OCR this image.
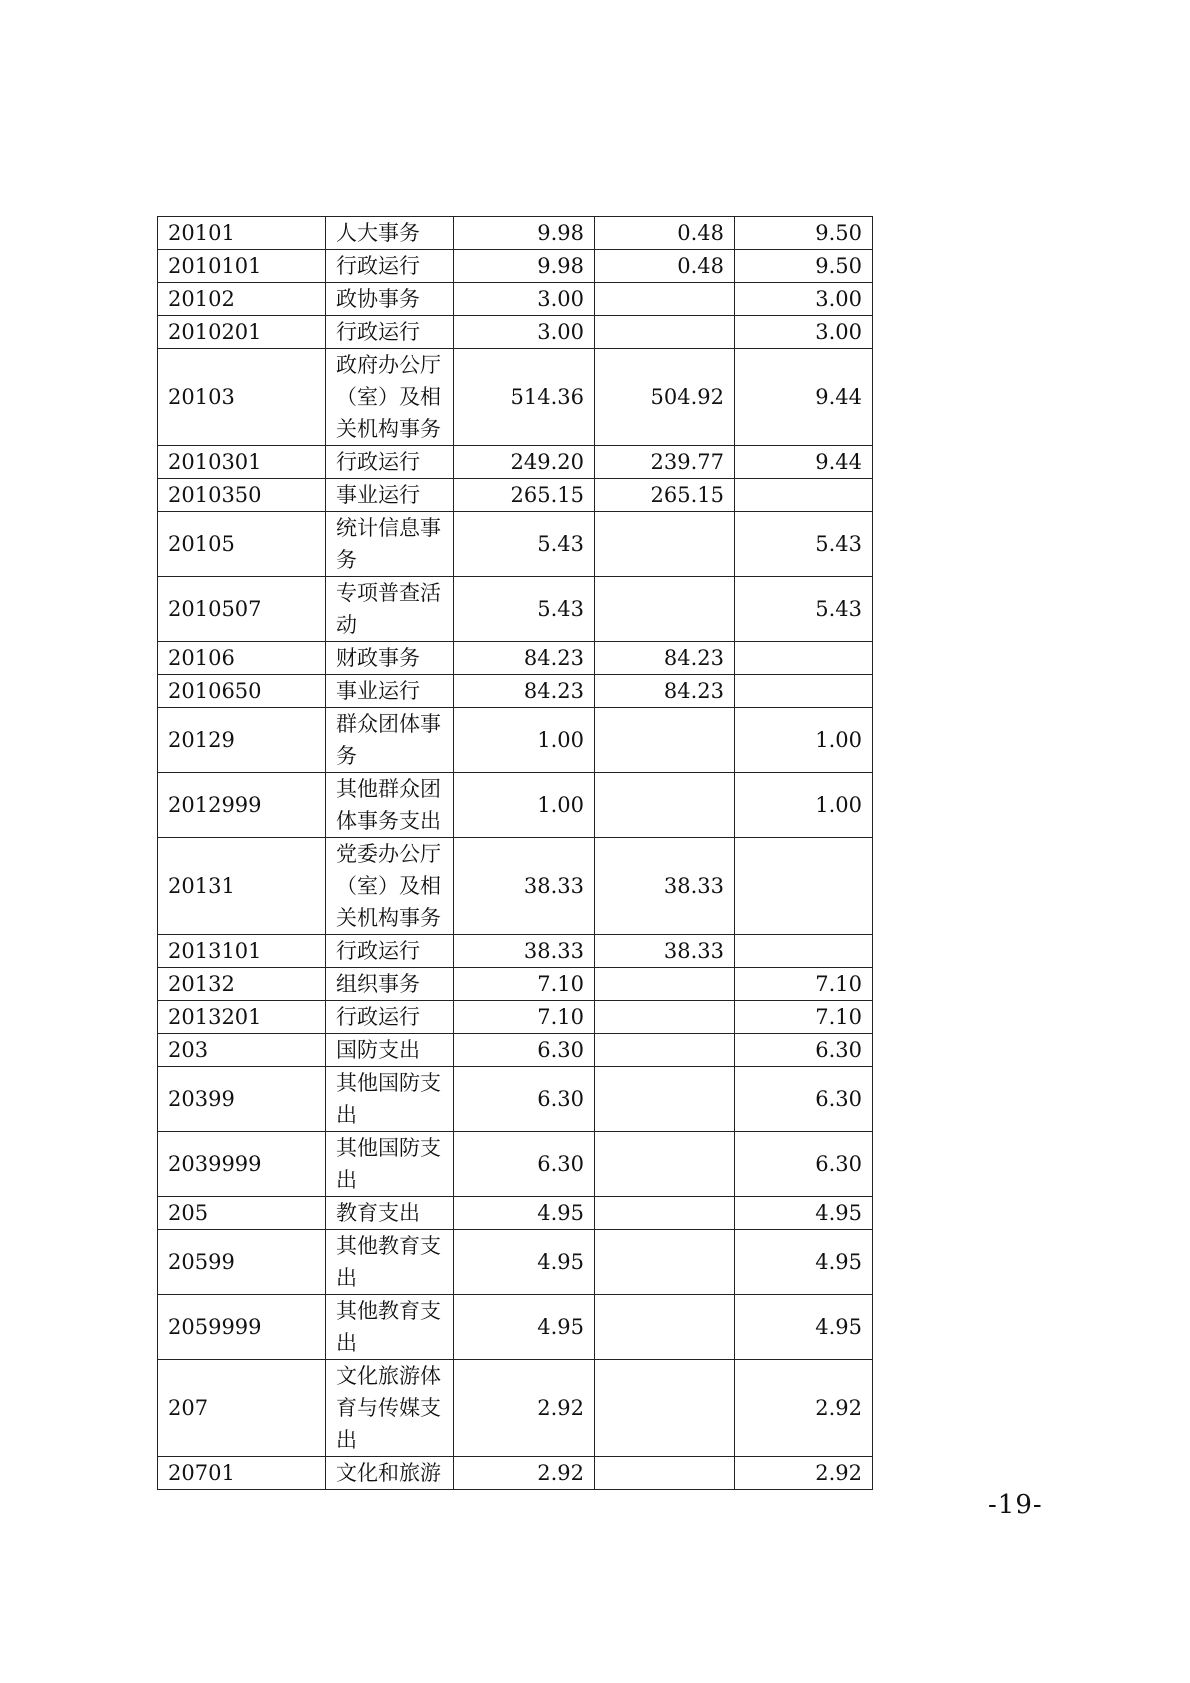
20101	人大事务	9.98	0.48	9.50
2010101	行政运行	9.98	0.48	9.50
20102	政协事务	3.00		3.00
2010201	行政运行	3.00		3.00
20103	政府办公厅（室）及相关机构事务	514.36	504.92	9.44
2010301	行政运行	249.20	239.77	9.44
2010350	事业运行	265.15	265.15	
20105	统计信息事务	5.43		5.43
2010507	专项普查活动	5.43		5.43
20106	财政事务	84.23	84.23	
2010650	事业运行	84.23	84.23	
20129	群众团体事务	1.00		1.00
2012999	其他群众团体事务支出	1.00		1.00
20131	党委办公厅（室）及相关机构事务	38.33	38.33	
2013101	行政运行	38.33	38.33	
20132	组织事务	7.10		7.10
2013201	行政运行	7.10		7.10
203	国防支出	6.30		6.30
20399	其他国防支出	6.30		6.30
2039999	其他国防支出	6.30		6.30
205	教育支出	4.95		4.95
20599	其他教育支出	4.95		4.95
2059999	其他教育支出	4.95		4.95
207	文化旅游体育与传媒支出	2.92		2.92
20701	文化和旅游	2.92		2.92
-19-
